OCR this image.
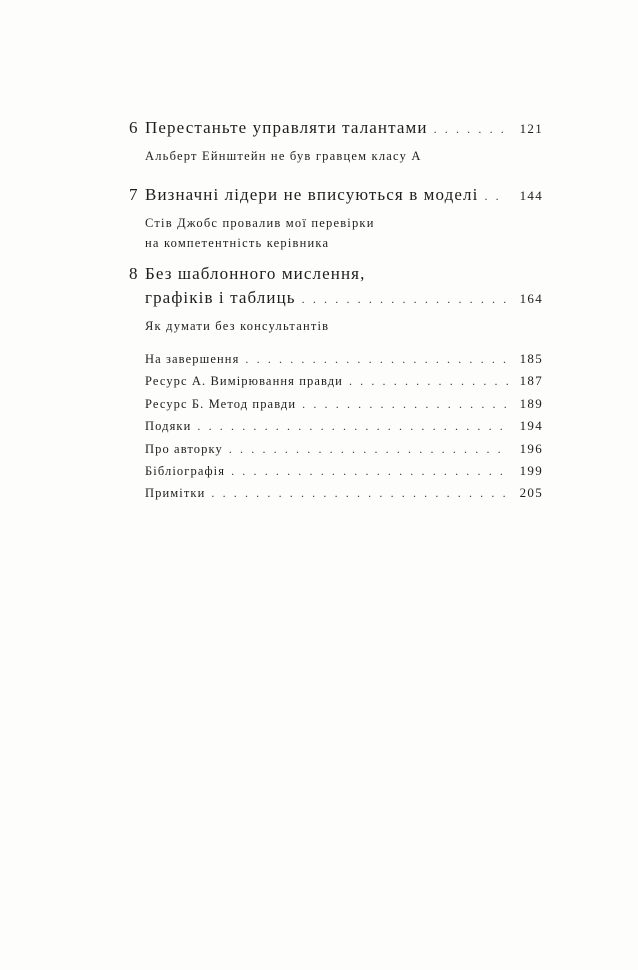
6 Перестаньте управляти талантами . . .	121
Альберт Ейнштейн не був гравцем класу А
7 Визначні лідери не вписуються в моделі . . .	144
Стів Джобс провалив мої перевірки
на компетентність керівника
8 Без шаблонного мислення,
графіків і таблиць . . .	164
Як думати без консультантів
На завершення . . .	185
Ресурс А. Вимірювання правди . . .	187
Ресурс Б. Метод правди . . .	189
Подяки . . .	194
Про авторку . . .	196
Бібліографія . . .	199
Примітки . . .	205
